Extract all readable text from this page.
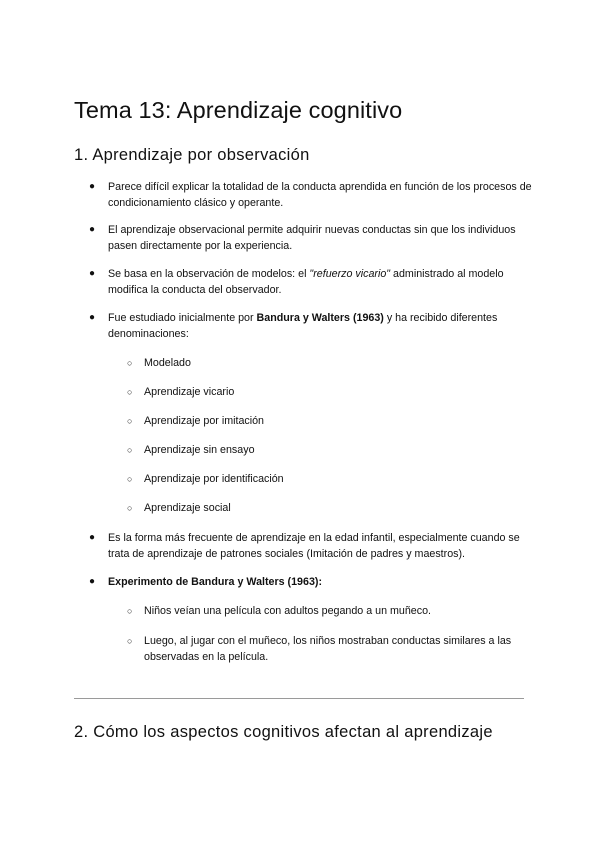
Tema 13: Aprendizaje cognitivo
1. Aprendizaje por observación
● Parece difícil explicar la totalidad de la conducta aprendida en función de los procesos de condicionamiento clásico y operante.
● El aprendizaje observacional permite adquirir nuevas conductas sin que los individuos pasen directamente por la experiencia.
● Se basa en la observación de modelos: el "refuerzo vicario" administrado al modelo modifica la conducta del observador.
● Fue estudiado inicialmente por Bandura y Walters (1963) y ha recibido diferentes denominaciones:
○ Modelado
○ Aprendizaje vicario
○ Aprendizaje por imitación
○ Aprendizaje sin ensayo
○ Aprendizaje por identificación
○ Aprendizaje social
● Es la forma más frecuente de aprendizaje en la edad infantil, especialmente cuando se trata de aprendizaje de patrones sociales (Imitación de padres y maestros).
● Experimento de Bandura y Walters (1963):
○ Niños veían una película con adultos pegando a un muñeco.
○ Luego, al jugar con el muñeco, los niños mostraban conductas similares a las observadas en la película.
2. Cómo los aspectos cognitivos afectan al aprendizaje
